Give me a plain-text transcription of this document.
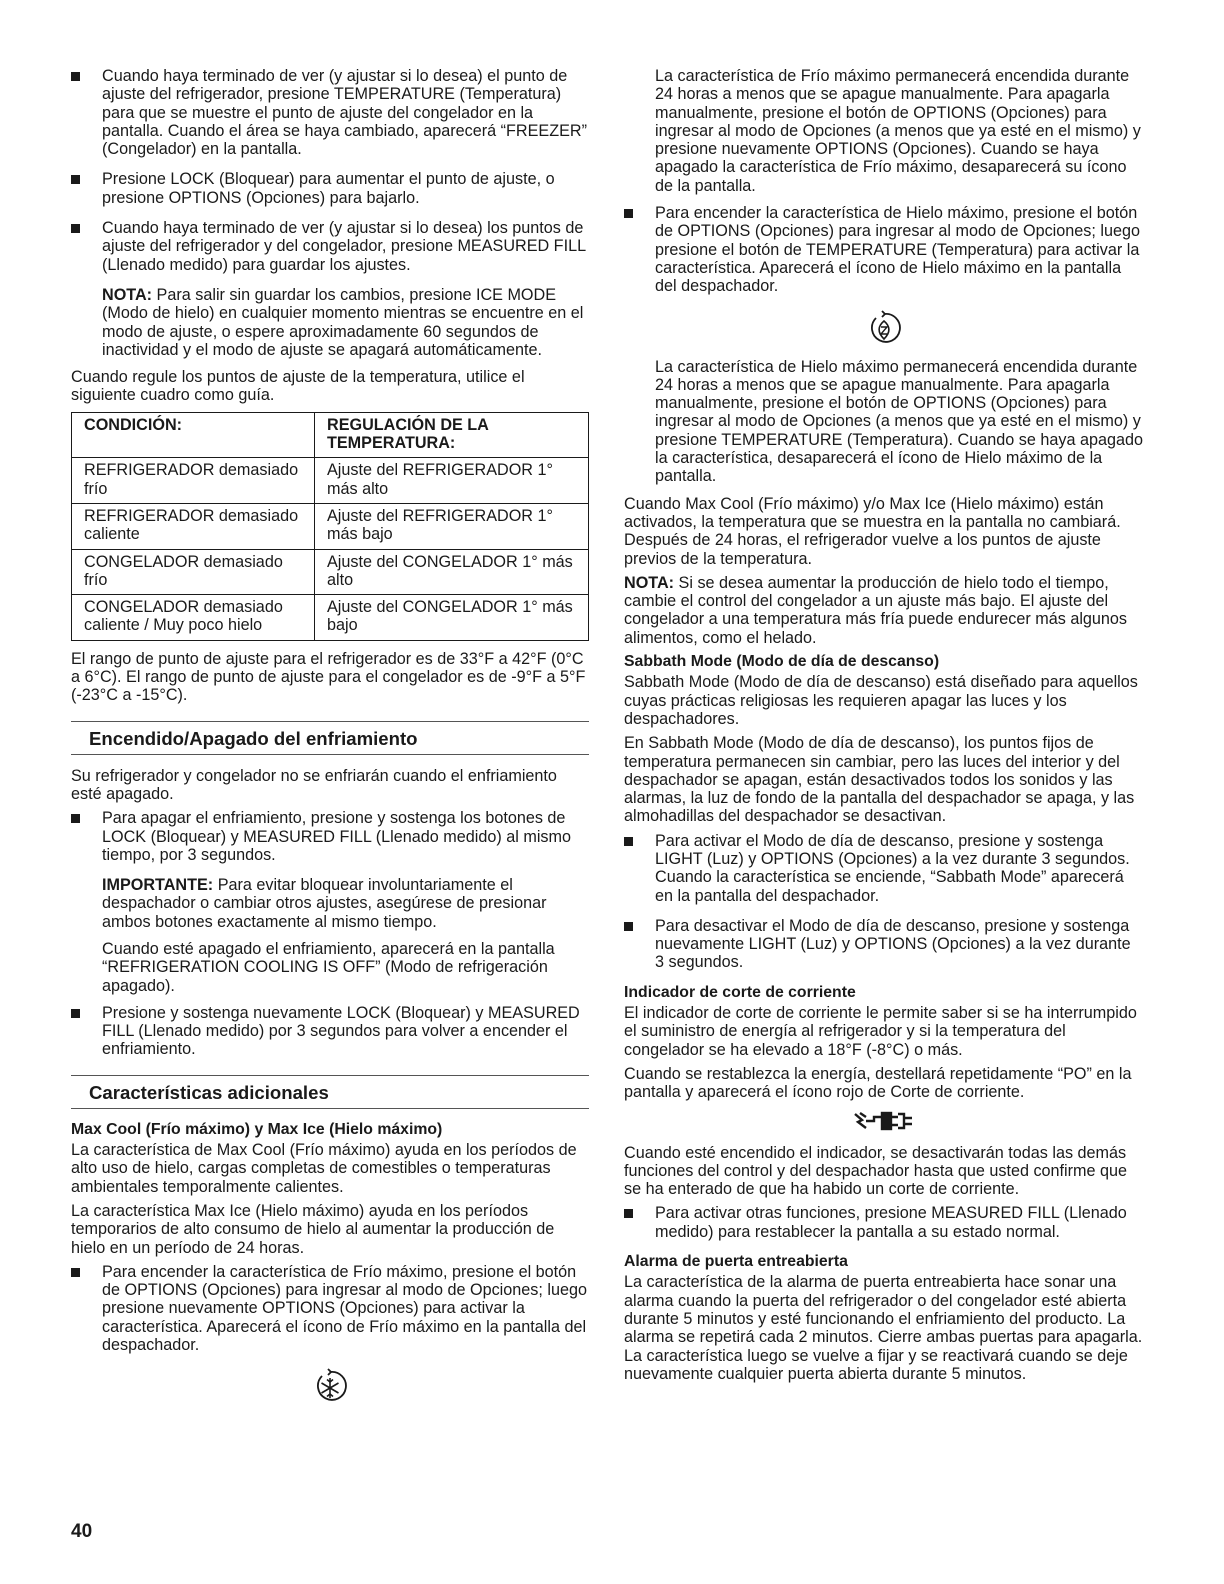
Cuando haya terminado de ver (y ajustar si lo desea) el punto de ajuste del refrigerador, presione TEMPERATURE (Temperatura) para que se muestre el punto de ajuste del congelador en la pantalla. Cuando el área se haya cambiado, aparecerá “FREEZER” (Congelador) en la pantalla.
Presione LOCK (Bloquear) para aumentar el punto de ajuste, o presione OPTIONS (Opciones) para bajarlo.
Cuando haya terminado de ver (y ajustar si lo desea) los puntos de ajuste del refrigerador y del congelador, presione MEASURED FILL (Llenado medido) para guardar los ajustes.

NOTA: Para salir sin guardar los cambios, presione ICE MODE (Modo de hielo) en cualquier momento mientras se encuentre en el modo de ajuste, o espere aproximadamente 60 segundos de inactividad y el modo de ajuste se apagará automáticamente.

Cuando regule los puntos de ajuste de la temperatura, utilice el siguiente cuadro como guía.

CONDICIÓN:	REGULACIÓN DE LA TEMPERATURA:
REFRIGERADOR demasiado frío	Ajuste del REFRIGERADOR 1° más alto
REFRIGERADOR demasiado caliente	Ajuste del REFRIGERADOR 1° más bajo
CONGELADOR demasiado frío	Ajuste del CONGELADOR 1° más alto
CONGELADOR demasiado caliente / Muy poco hielo	Ajuste del CONGELADOR 1° más bajo

El rango de punto de ajuste para el refrigerador es de 33°F a 42°F (0°C a 6°C). El rango de punto de ajuste para el congelador es de -9°F a 5°F (-23°C a -15°C).

Encendido/Apagado del enfriamiento

Su refrigerador y congelador no se enfriarán cuando el enfriamiento esté apagado.

Para apagar el enfriamiento, presione y sostenga los botones de LOCK (Bloquear) y MEASURED FILL (Llenado medido) al mismo tiempo, por 3 segundos.

IMPORTANTE: Para evitar bloquear involuntariamente el despachador o cambiar otros ajustes, asegúrese de presionar ambos botones exactamente al mismo tiempo.

Cuando esté apagado el enfriamiento, aparecerá en la pantalla “REFRIGERATION COOLING IS OFF” (Modo de refrigeración apagado).

Presione y sostenga nuevamente LOCK (Bloquear) y MEASURED FILL (Llenado medido) por 3 segundos para volver a encender el enfriamiento.
Características adicionales
Max Cool (Frío máximo) y Max Ice (Hielo máximo)

La característica de Max Cool (Frío máximo) ayuda en los períodos de alto uso de hielo, cargas completas de comestibles o temperaturas ambientales temporalmente calientes.

La característica Max Ice (Hielo máximo) ayuda en los períodos temporarios de alto consumo de hielo al aumentar la producción de hielo en un período de 24 horas.

Para encender la característica de Frío máximo, presione el botón de OPTIONS (Opciones) para ingresar al modo de Opciones; luego presione nuevamente OPTIONS (Opciones) para activar la característica. Aparecerá el ícono de Frío máximo en la pantalla del despachador.

La característica de Frío máximo permanecerá encendida durante 24 horas a menos que se apague manualmente. Para apagarla manualmente, presione el botón de OPTIONS (Opciones) para ingresar al modo de Opciones (a menos que ya esté en el mismo) y presione nuevamente OPTIONS (Opciones). Cuando se haya apagado la característica de Frío máximo, desaparecerá su ícono de la pantalla.

Para encender la característica de Hielo máximo, presione el botón de OPTIONS (Opciones) para ingresar al modo de Opciones; luego presione el botón de TEMPERATURE (Temperatura) para activar la característica. Aparecerá el ícono de Hielo máximo en la pantalla del despachador.

La característica de Hielo máximo permanecerá encendida durante 24 horas a menos que se apague manualmente. Para apagarla manualmente, presione el botón de OPTIONS (Opciones) para ingresar al modo de Opciones (a menos que ya esté en el mismo) y presione TEMPERATURE (Temperatura). Cuando se haya apagado la característica, desaparecerá el ícono de Hielo máximo de la pantalla.

Cuando Max Cool (Frío máximo) y/o Max Ice (Hielo máximo) están activados, la temperatura que se muestra en la pantalla no cambiará. Después de 24 horas, el refrigerador vuelve a los puntos de ajuste previos de la temperatura.

NOTA: Si se desea aumentar la producción de hielo todo el tiempo, cambie el control del congelador a un ajuste más bajo. El ajuste del congelador a una temperatura más fría puede endurecer más algunos alimentos, como el helado.

Sabbath Mode (Modo de día de descanso)

Sabbath Mode (Modo de día de descanso) está diseñado para aquellos cuyas prácticas religiosas les requieren apagar las luces y los despachadores.

En Sabbath Mode (Modo de día de descanso), los puntos fijos de temperatura permanecen sin cambiar, pero las luces del interior y del despachador se apagan, están desactivados todos los sonidos y las alarmas, la luz de fondo de la pantalla del despachador se apaga, y las almohadillas del despachador se desactivan.

Para activar el Modo de día de descanso, presione y sostenga LIGHT (Luz) y OPTIONS (Opciones) a la vez durante 3 segundos. Cuando la característica se enciende, “Sabbath Mode” aparecerá en la pantalla del despachador.
Para desactivar el Modo de día de descanso, presione y sostenga nuevamente LIGHT (Luz) y OPTIONS (Opciones) a la vez durante 3 segundos.
Indicador de corte de corriente

El indicador de corte de corriente le permite saber si se ha interrumpido el suministro de energía al refrigerador y si la temperatura del congelador se ha elevado a 18°F (-8°C) o más.

Cuando se restablezca la energía, destellará repetidamente “PO” en la pantalla y aparecerá el ícono rojo de Corte de corriente.

Cuando esté encendido el indicador, se desactivarán todas las demás funciones del control y del despachador hasta que usted confirme que se ha enterado de que ha habido un corte de corriente.

Para activar otras funciones, presione MEASURED FILL (Llenado medido) para restablecer la pantalla a su estado normal.
Alarma de puerta entreabierta

La característica de la alarma de puerta entreabierta hace sonar una alarma cuando la puerta del refrigerador o del congelador esté abierta durante 5 minutos y esté funcionando el enfriamiento del producto. La alarma se repetirá cada 2 minutos. Cierre ambas puertas para apagarla. La característica luego se vuelve a fijar y se reactivará cuando se deje nuevamente cualquier puerta abierta durante 5 minutos.

40
